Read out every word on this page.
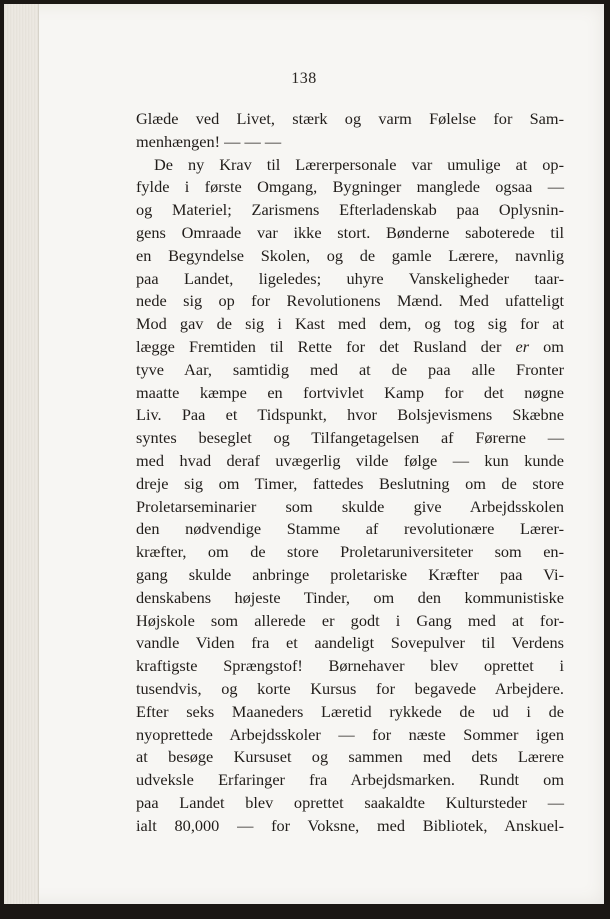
138
Glæde ved Livet, stærk og varm Følelse for Sam-
menhængen! — — —
De ny Krav til Lærerpersonale var umulige at op-
fylde i første Omgang, Bygninger manglede ogsaa —
og Materiel; Zarismens Efterladenskab paa Oplysnin-
gens Omraade var ikke stort. Bønderne saboterede til
en Begyndelse Skolen, og de gamle Lærere, navnlig
paa Landet, ligeledes; uhyre Vanskeligheder taar-
nede sig op for Revolutionens Mænd. Med ufatteligt
Mod gav de sig i Kast med dem, og tog sig for at
lægge Fremtiden til Rette for det Rusland der er om
tyve Aar, samtidig med at de paa alle Fronter
maatte kæmpe en fortvivlet Kamp for det nøgne
Liv. Paa et Tidspunkt, hvor Bolsjevismens Skæbne
syntes beseglet og Tilfangetagelsen af Førerne —
med hvad deraf uvægerlig vilde følge — kun kunde
dreje sig om Timer, fattedes Beslutning om de store
Proletarseminarier som skulde give Arbejdsskolen
den nødvendige Stamme af revolutionære Lærer-
kræfter, om de store Proletaruniversiteter som en-
gang skulde anbringe proletariske Kræfter paa Vi-
denskabens højeste Tinder, om den kommunistiske
Højskole som allerede er godt i Gang med at for-
vandle Viden fra et aandeligt Sovepulver til Verdens
kraftigste Sprængstof! Børnehaver blev oprettet i
tusendvis, og korte Kursus for begavede Arbejdere.
Efter seks Maaneders Læretid rykkede de ud i de
nyoprettede Arbejdsskoler — for næste Sommer igen
at besøge Kursuset og sammen med dets Lærere
udveksle Erfaringer fra Arbejdsmarken. Rundt om
paa Landet blev oprettet saakaldte Kultursteder —
ialt 80,000 — for Voksne, med Bibliotek, Anskuel-
